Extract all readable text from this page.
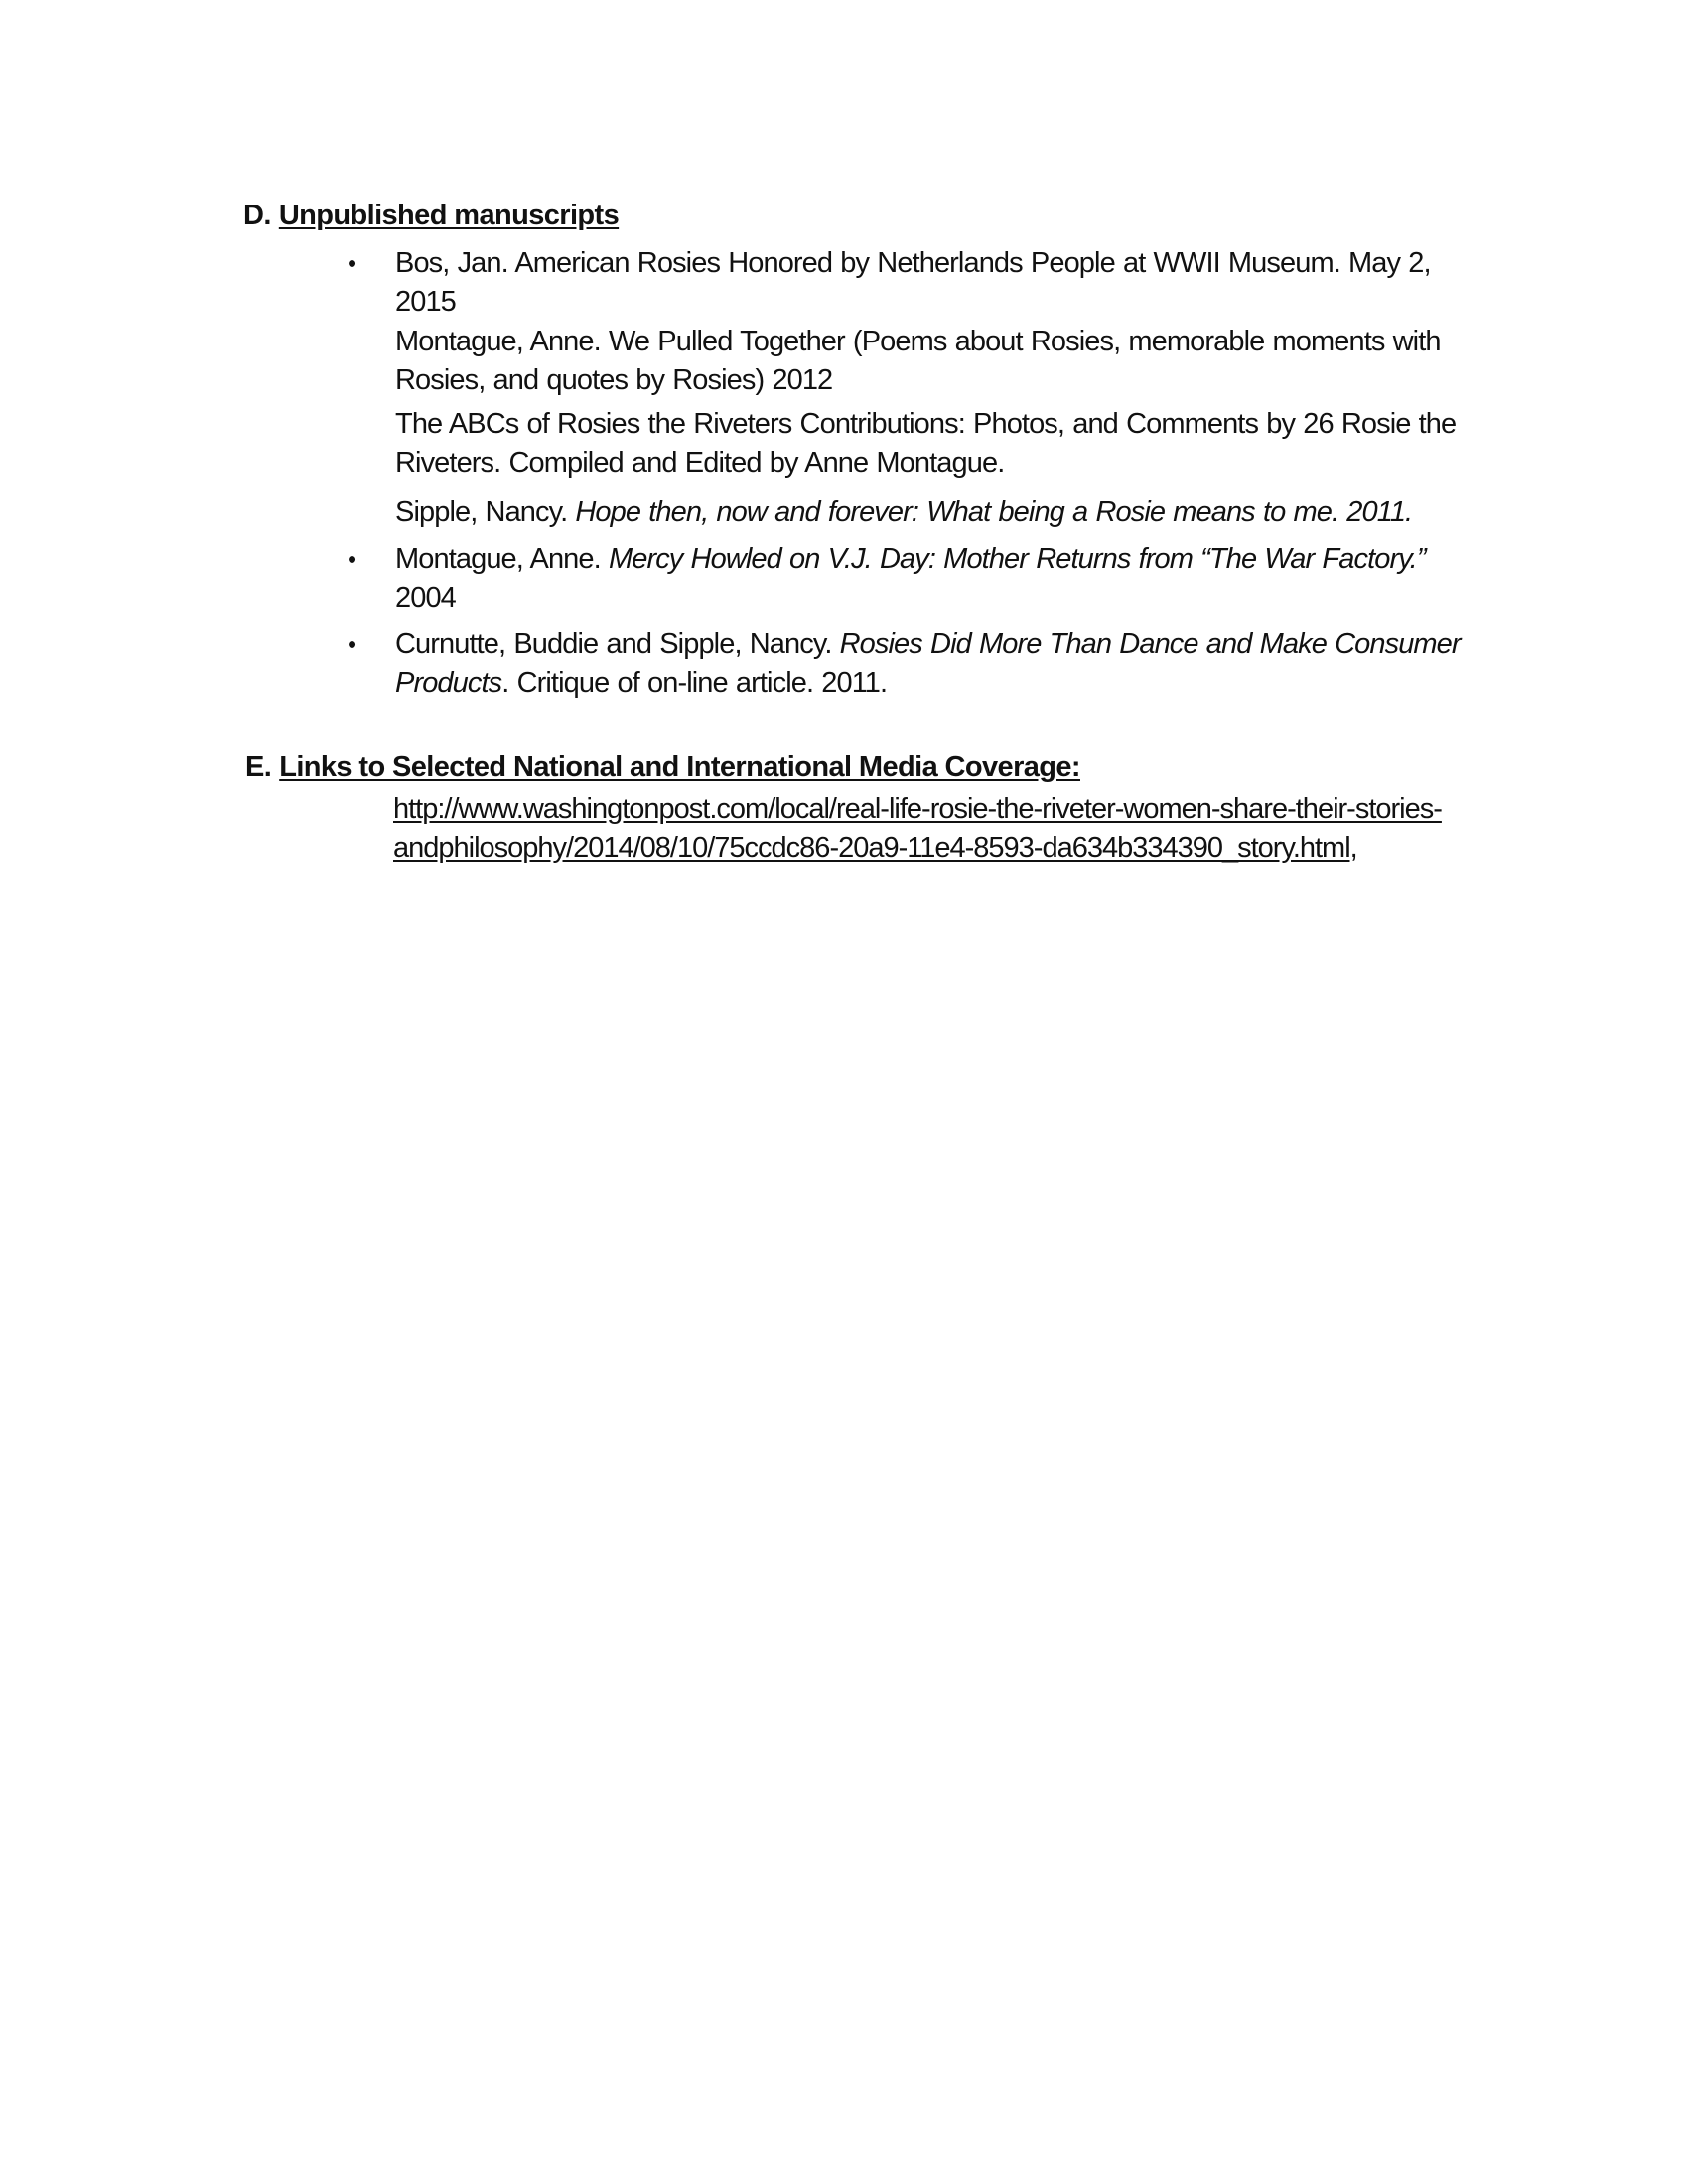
D. Unpublished manuscripts
• Bos, Jan. American Rosies Honored by Netherlands People at WWII Museum. May 2,
2015
Montague, Anne. We Pulled Together (Poems about Rosies, memorable moments with
Rosies, and quotes by Rosies) 2012
The ABCs of Rosies the Riveters Contributions: Photos, and Comments by 26 Rosie the
Riveters. Compiled and Edited by Anne Montague.
Sipple, Nancy. Hope then, now and forever: What being a Rosie means to me. 2011.
• Montague, Anne. Mercy Howled on V.J. Day: Mother Returns from “The War Factory.”
2004
• Curnutte, Buddie and Sipple, Nancy. Rosies Did More Than Dance and Make Consumer
Products. Critique of on-line article. 2011.
E. Links to Selected National and International Media Coverage:
http://www.washingtonpost.com/local/real-life-rosie-the-riveter-women-share-their-stories-
andphilosophy/2014/08/10/75ccdc86-20a9-11e4-8593-da634b334390_story.html,
